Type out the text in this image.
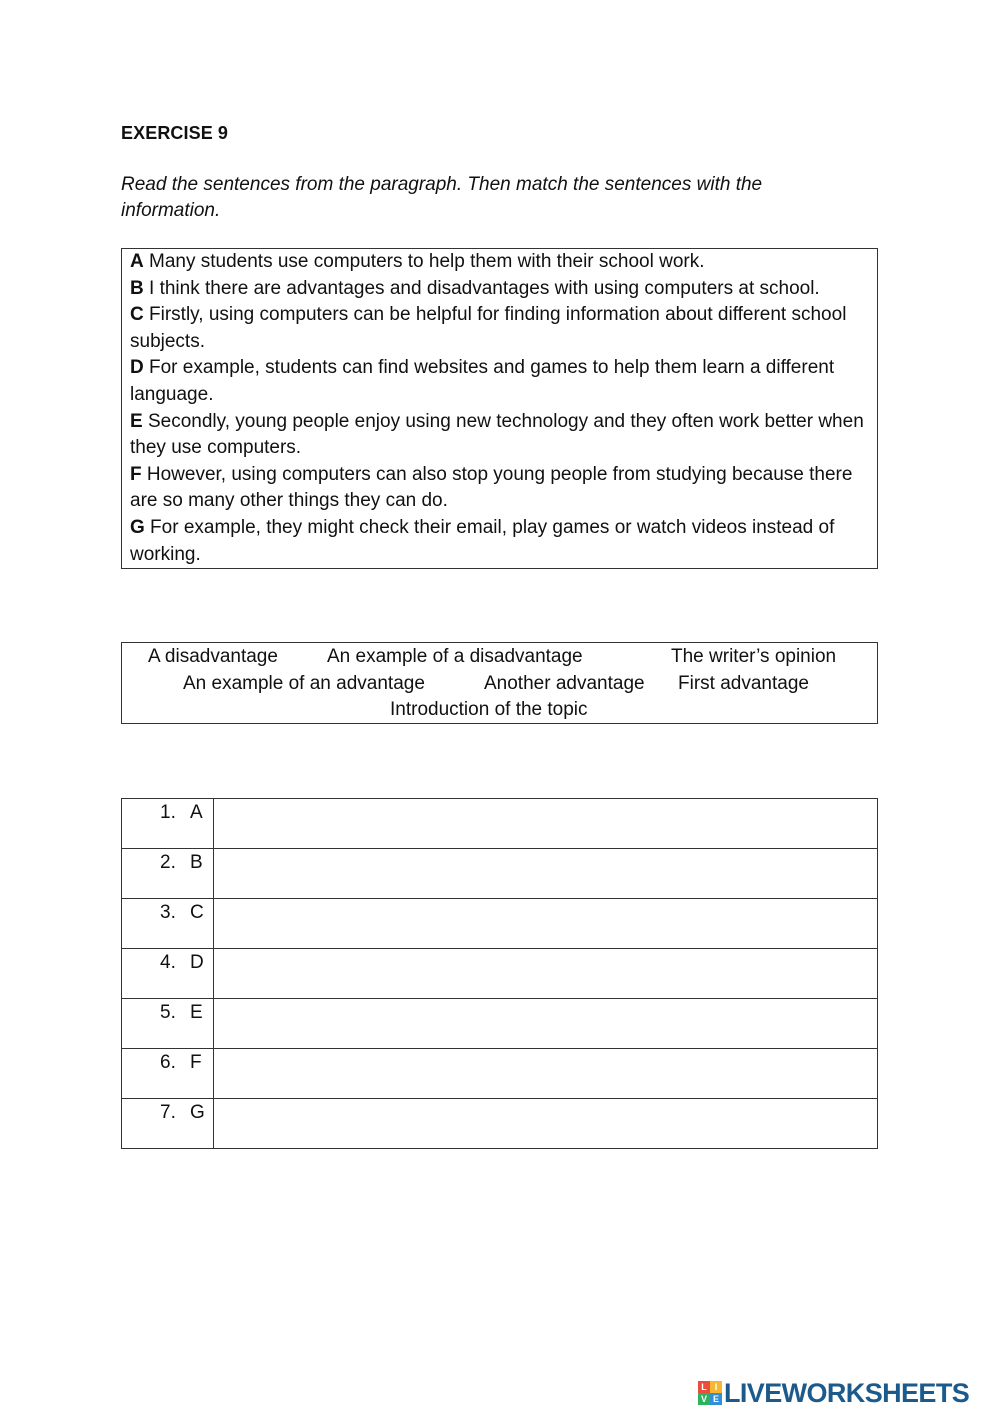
EXERCISE 9
Read the sentences from the paragraph. Then match the sentences with the information.

A Many students use computers to help them with their school work.

B I think there are advantages and disadvantages with using computers at school.

C Firstly, using computers can be helpful for finding information about different school subjects.

D For example, students can find websites and games to help them learn a different language.

E Secondly, young people enjoy using new technology and they often work better when they use computers.

F However, using computers can also stop young people from studying because there are so many other things they can do.

G For example, they might check their email, play games or watch videos instead of working.

A disadvantage	An example of a disadvantage	The writer’s opinion
An example of an advantage	Another advantage First advantage
Introduction of the topic
1. A	

2. B	

3. C	

4. D	

5. E	

6. F	

7. G	

L I
V E LIVEWORKSHEETS
